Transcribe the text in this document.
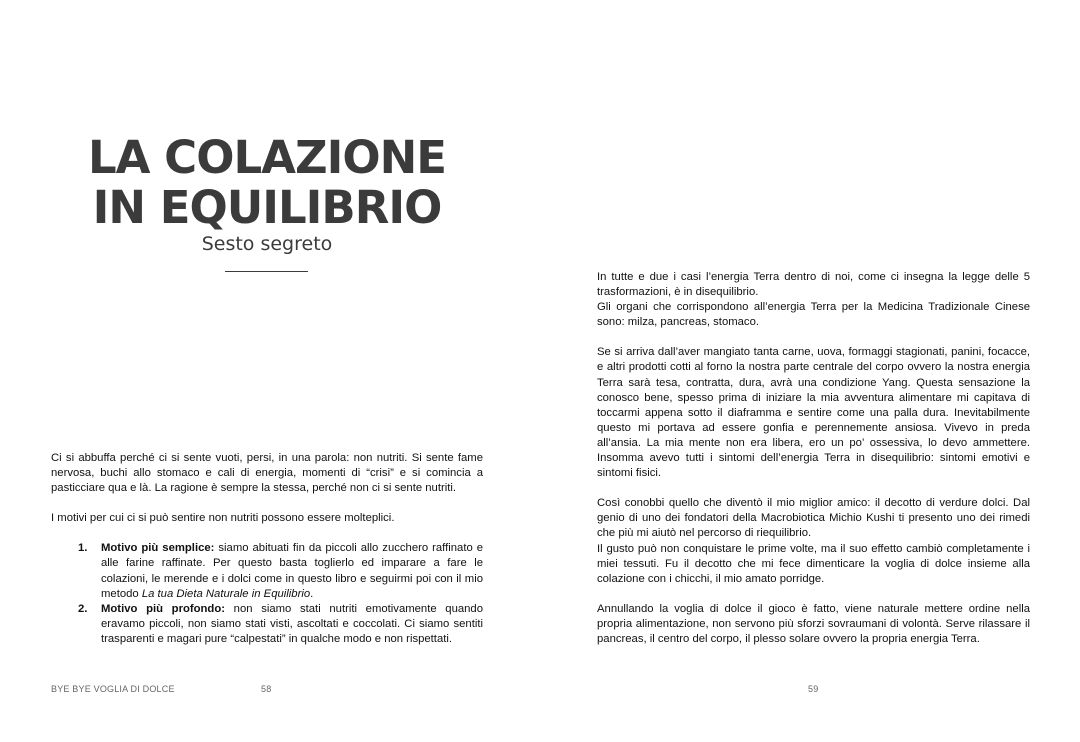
LA COLAZIONE
IN EQUILIBRIO
Sesto segreto

Ci si abbuffa perché ci si sente vuoti, persi, in una parola: non nutriti. Si sente fame nervosa, buchi allo stomaco e cali di energia, momenti di “crisi” e si comincia a pasticciare qua e là. La ragione è sempre la stessa, perché non ci si sente nutriti.

I motivi per cui ci si può sentire non nutriti possono essere molteplici.

1. Motivo più semplice: siamo abituati fin da piccoli allo zucchero raffinato e alle farine raffinate. Per questo basta toglierlo ed imparare a fare le colazioni, le merende e i dolci come in questo libro e seguirmi poi con il mio metodo La tua Dieta Naturale in Equilibrio.
2. Motivo più profondo: non siamo stati nutriti emotivamente quando eravamo piccoli, non siamo stati visti, ascoltati e coccolati. Ci siamo sentiti trasparenti e magari pure “calpestati” in qualche modo e non rispettati.
BYE BYE VOGLIA DI DOLCE	58

In tutte e due i casi l’energia Terra dentro di noi, come ci insegna la legge delle 5 trasformazioni, è in disequilibrio.

Gli organi che corrispondono all’energia Terra per la Medicina Tradizionale Cinese sono: milza, pancreas, stomaco.

Se si arriva dall’aver mangiato tanta carne, uova, formaggi stagionati, panini, focacce, e altri prodotti cotti al forno la nostra parte centrale del corpo ovvero la nostra energia Terra sarà tesa, contratta, dura, avrà una condizione Yang. Questa sensazione la conosco bene, spesso prima di iniziare la mia avventura alimentare mi capitava di toccarmi appena sotto il diaframma e sentire come una palla dura. Inevitabilmente questo mi portava ad essere gonfia e perennemente ansiosa. Vivevo in preda all’ansia. La mia mente non era libera, ero un po’ ossessiva, lo devo ammettere. Insomma avevo tutti i sintomi dell’energia Terra in disequilibrio: sintomi emotivi e sintomi fisici.

Così conobbi quello che diventò il mio miglior amico: il decotto di verdure dolci. Dal genio di uno dei fondatori della Macrobiotica Michio Kushi ti presento uno dei rimedi che più mi aiutò nel percorso di riequilibrio.

Il gusto può non conquistare le prime volte, ma il suo effetto cambiò completamente i miei tessuti. Fu il decotto che mi fece dimenticare la voglia di dolce insieme alla colazione con i chicchi, il mio amato porridge.

Annullando la voglia di dolce il gioco è fatto, viene naturale mettere ordine nella propria alimentazione, non servono più sforzi sovraumani di volontà. Serve rilassare il pancreas, il centro del corpo, il plesso solare ovvero la propria energia Terra.

59
